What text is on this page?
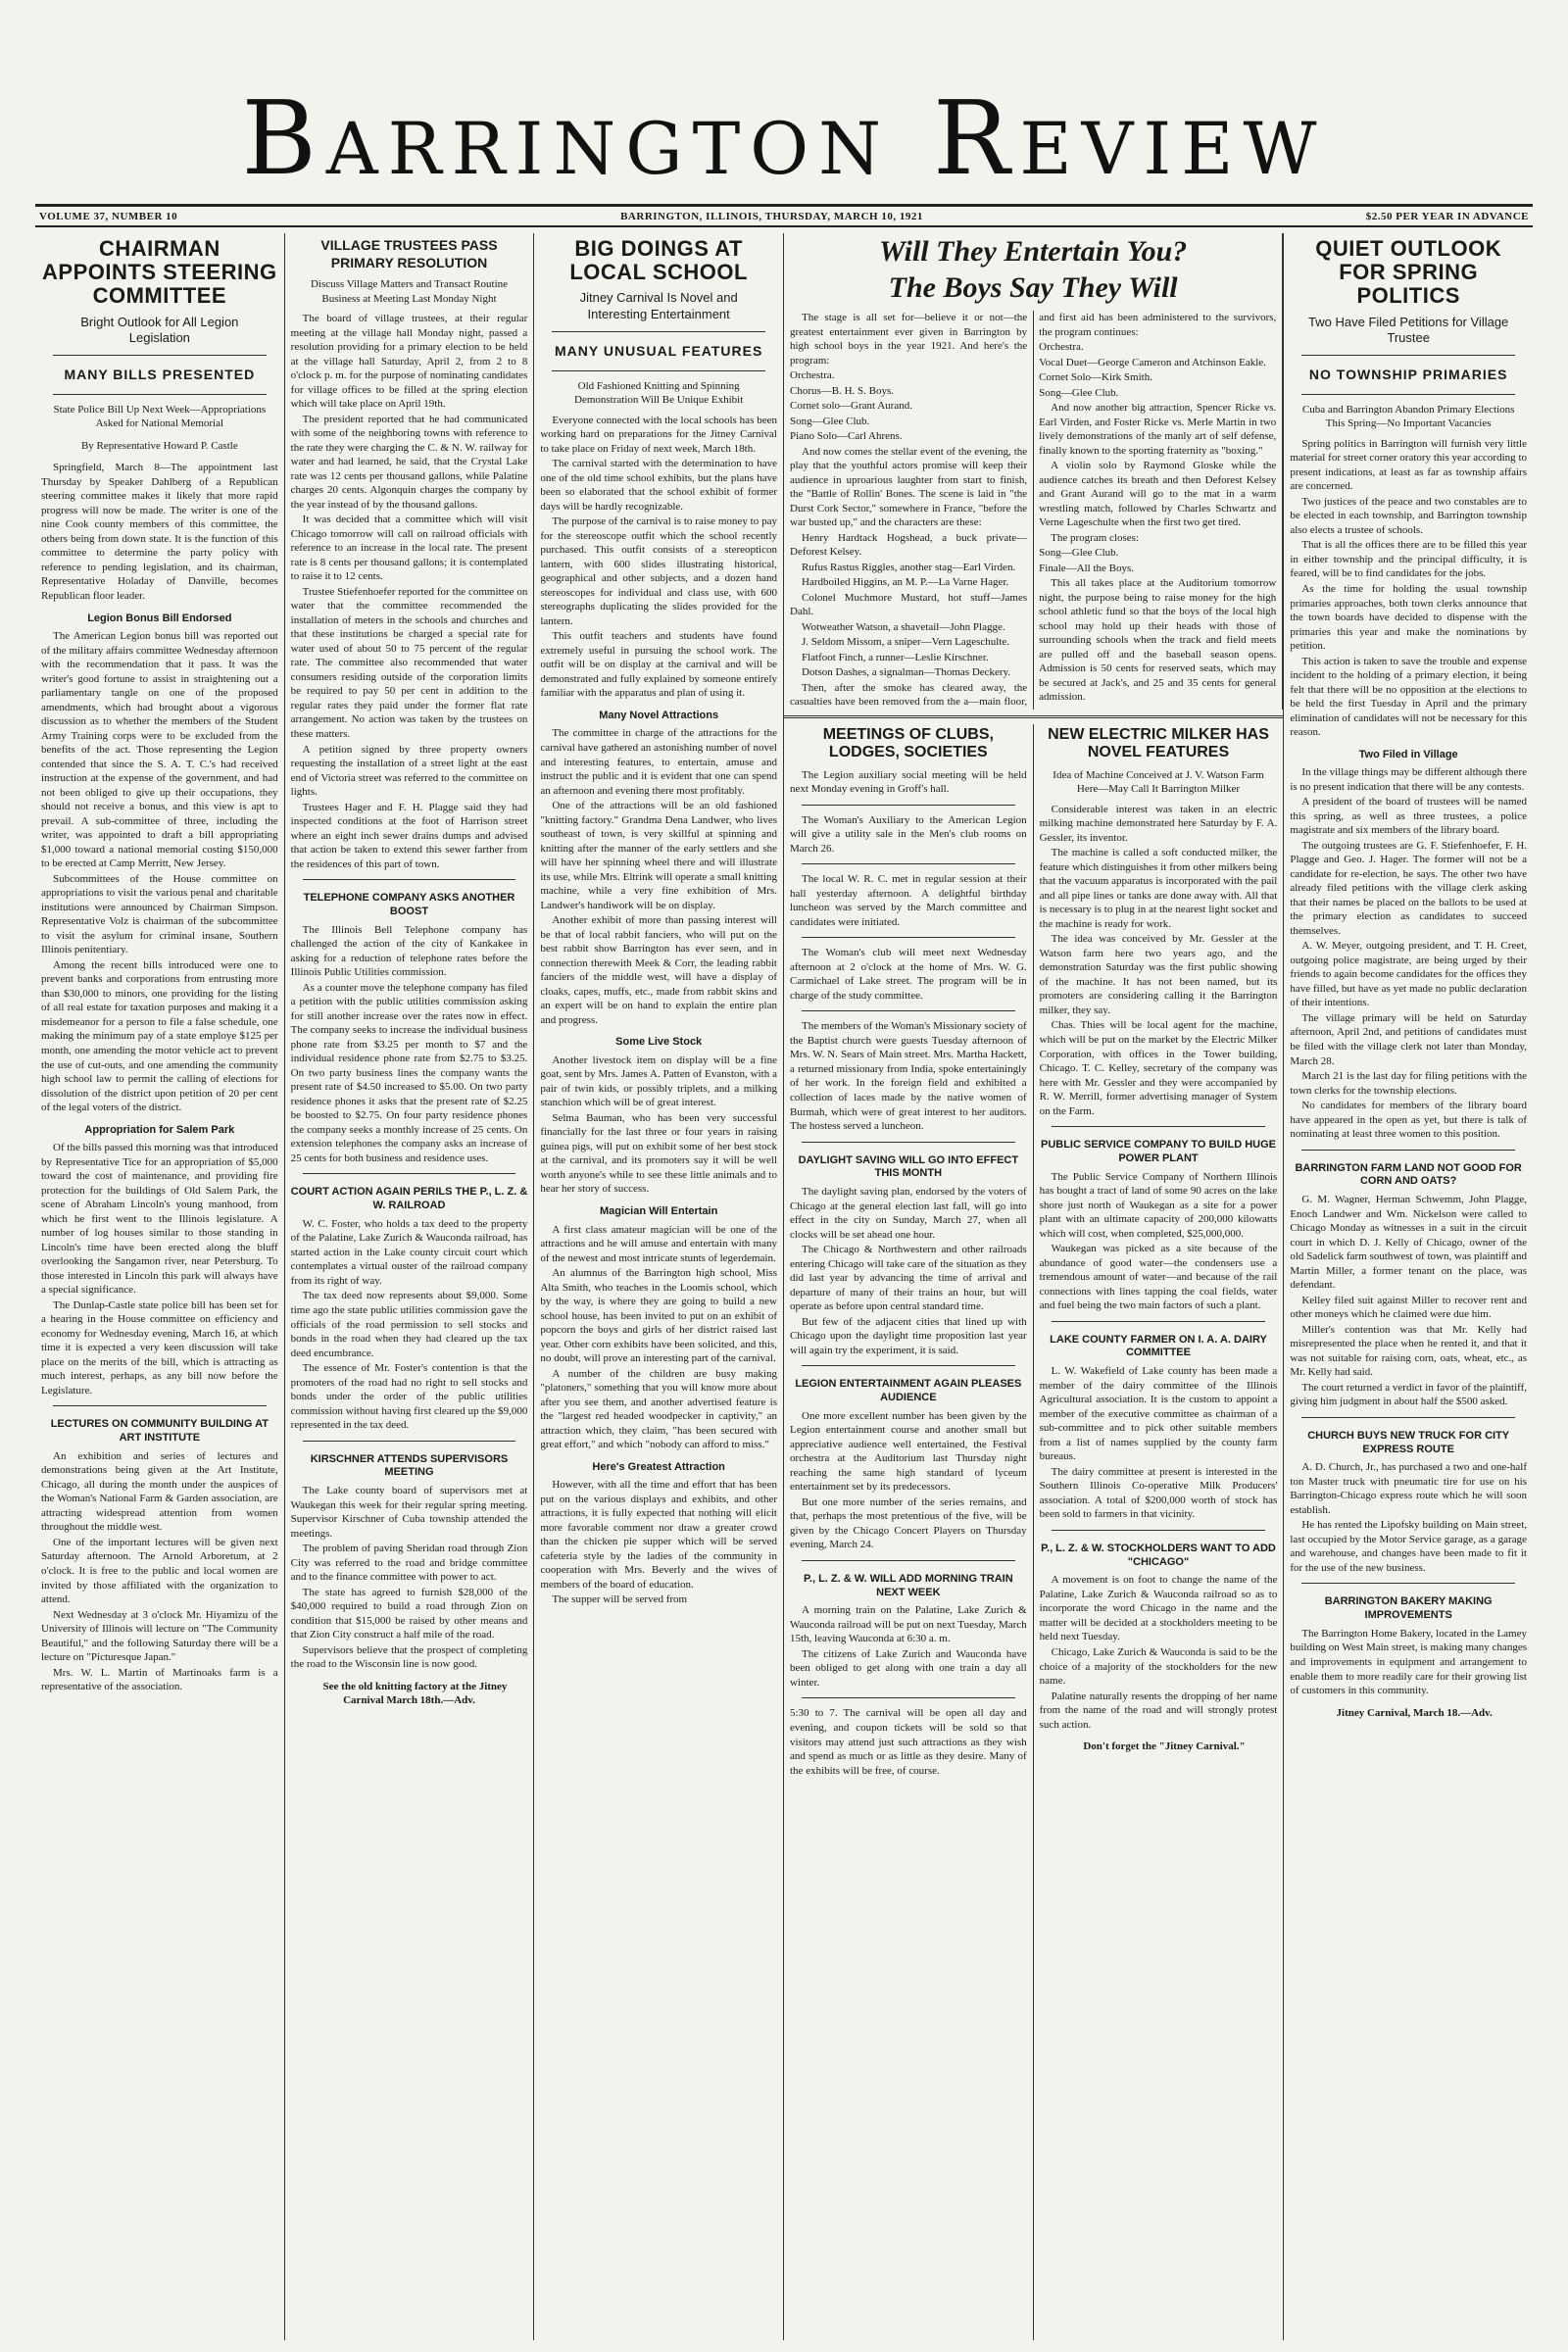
Barrington Review
VOLUME 37, NUMBER 10	BARRINGTON, ILLINOIS, THURSDAY, MARCH 10, 1921	$2.50 PER YEAR IN ADVANCE
CHAIRMAN APPOINTS STEERING COMMITTEE
Bright Outlook for All Legion Legislation
MANY BILLS PRESENTED
State Police Bill Up Next Week—Appropriations Asked for National Memorial
By Representative Howard P. Castle

Springfield, March 8—The appointment last Thursday by Speaker Dahlberg of a Republican steering committee makes it likely that more rapid progress will now be made. The writer is one of the nine Cook county members of this committee, the others being from down state. It is the function of this committee to determine the party policy with reference to pending legislation, and its chairman, Representative Holaday of Danville, becomes Republican floor leader.

Legion Bonus Bill Endorsed

The American Legion bonus bill was reported out of the military affairs committee Wednesday afternoon with the recommendation that it pass. It was the writer's good fortune to assist in straightening out a parliamentary tangle on one of the proposed amendments, which had brought about a vigorous discussion as to whether the members of the Student Army Training corps were to be excluded from the benefits of the act. Those representing the Legion contended that since the S. A. T. C.'s had received instruction at the expense of the government, and had not been obliged to give up their occupations, they should not receive a bonus, and this view is apt to prevail. A sub-committee of three, including the writer, was appointed to draft a bill appropriating $1,000 toward a national memorial costing $150,000 to be erected at Camp Merritt, New Jersey.

Subcommittees of the House committee on appropriations to visit the various penal and charitable institutions were announced by Chairman Simpson. Representative Volz is chairman of the subcommittee to visit the asylum for criminal insane, Southern Illinois penitentiary.

Among the recent bills introduced were one to prevent banks and corporations from entrusting more than $30,000 to minors, one providing for the listing of all real estate for taxation purposes and making it a misdemeanor for a person to file a false schedule, one making the minimum pay of a state employe $125 per month, one amending the motor vehicle act to prevent the use of cut-outs, and one amending the community high school law to permit the calling of elections for dissolution of the district upon petition of 20 per cent of the legal voters of the district.

Appropriation for Salem Park

Of the bills passed this morning was that introduced by Representative Tice for an appropriation of $5,000 toward the cost of maintenance, and providing fire protection for the buildings of Old Salem Park, the scene of Abraham Lincoln's young manhood, from which he first went to the Illinois legislature. A number of log houses similar to those standing in Lincoln's time have been erected along the bluff overlooking the Sangamon river, near Petersburg. To those interested in Lincoln this park will always have a special significance.

The Dunlap-Castle state police bill has been set for a hearing in the House committee on efficiency and economy for Wednesday evening, March 16, at which time it is expected a very keen discussion will take place on the merits of the bill, which is attracting as much interest, perhaps, as any bill now before the Legislature.

LECTURES ON COMMUNITY BUILDING AT ART INSTITUTE

An exhibition and series of lectures and demonstrations being given at the Art Institute, Chicago, all during the month under the auspices of the Woman's National Farm & Garden association, are attracting widespread attention from women throughout the middle west.

One of the important lectures will be given next Saturday afternoon. The Arnold Arboretum, at 2 o'clock. It is free to the public and local women are invited by those affiliated with the organization to attend.

Next Wednesday at 3 o'clock Mr. Hiyamizu of the University of Illinois will lecture on "The Community Beautiful," and the following Saturday there will be a lecture on "Picturesque Japan."

Mrs. W. L. Martin of Martinoaks farm is a representative of the association.

VILLAGE TRUSTEES PASS PRIMARY RESOLUTION
Discuss Village Matters and Transact Routine Business at Meeting Last Monday Night

The board of village trustees, at their regular meeting at the village hall Monday night, passed a resolution providing for a primary election to be held at the village hall Saturday, April 2, from 2 to 8 o'clock p. m. for the purpose of nominating candidates for village offices to be filled at the spring election which will take place on April 19th.

The president reported that he had communicated with some of the neighboring towns with reference to the rate they were charging the C. & N. W. railway for water and had learned, he said, that the Crystal Lake rate was 12 cents per thousand gallons, while Palatine charges 20 cents. Algonquin charges the company by the year instead of by the thousand gallons.

It was decided that a committee which will visit Chicago tomorrow will call on railroad officials with reference to an increase in the local rate. The present rate is 8 cents per thousand gallons; it is contemplated to raise it to 12 cents.

Trustee Stiefenhoefer reported for the committee on water that the committee recommended the installation of meters in the schools and churches and that these institutions be charged a special rate for water used of about 50 to 75 percent of the regular rate. The committee also recommended that water consumers residing outside of the corporation limits be required to pay 50 per cent in addition to the regular rates they paid under the former flat rate arrangement. No action was taken by the trustees on these matters.

A petition signed by three property owners requesting the installation of a street light at the east end of Victoria street was referred to the committee on lights.

Trustees Hager and F. H. Plagge said they had inspected conditions at the foot of Harrison street where an eight inch sewer drains dumps and advised that action be taken to extend this sewer farther from the residences of this part of town.

TELEPHONE COMPANY ASKS ANOTHER BOOST

The Illinois Bell Telephone company has challenged the action of the city of Kankakee in asking for a reduction of telephone rates before the Illinois Public Utilities commission.

As a counter move the telephone company has filed a petition with the public utilities commission asking for still another increase over the rates now in effect. The company seeks to increase the individual business phone rate from $3.25 per month to $7 and the individual residence phone rate from $2.75 to $3.25. On two party business lines the company wants the present rate of $4.50 increased to $5.00. On two party residence phones it asks that the present rate of $2.25 be boosted to $2.75. On four party residence phones the company seeks a monthly increase of 25 cents. On extension telephones the company asks an increase of 25 cents for both business and residence uses.

COURT ACTION AGAIN PERILS THE P., L. Z. & W. RAILROAD

W. C. Foster, who holds a tax deed to the property of the Palatine, Lake Zurich & Wauconda railroad, has started action in the Lake county circuit court which contemplates a virtual ouster of the railroad company from its right of way.

The tax deed now represents about $9,000. Some time ago the state public utilities commission gave the officials of the road permission to sell stocks and bonds in the road when they had cleared up the tax deed encumbrance.

The essence of Mr. Foster's contention is that the promoters of the road had no right to sell stocks and bonds under the order of the public utilities commission without having first cleared up the $9,000 represented in the tax deed.

KIRSCHNER ATTENDS SUPERVISORS MEETING

The Lake county board of supervisors met at Waukegan this week for their regular spring meeting. Supervisor Kirschner of Cuba township attended the meetings.

The problem of paving Sheridan road through Zion City was referred to the road and bridge committee and to the finance committee with power to act.

The state has agreed to furnish $28,000 of the $40,000 required to build a road through Zion on condition that $15,000 be raised by other means and that Zion City construct a half mile of the road.

Supervisors believe that the prospect of completing the road to the Wisconsin line is now good.

See the old knitting factory at the Jitney Carnival March 18th.—Adv.

BIG DOINGS AT LOCAL SCHOOL
Jitney Carnival Is Novel and Interesting Entertainment
MANY UNUSUAL FEATURES
Old Fashioned Knitting and Spinning Demonstration Will Be Unique Exhibit

Everyone connected with the local schools has been working hard on preparations for the Jitney Carnival to take place on Friday of next week, March 18th.

The carnival started with the determination to have one of the old time school exhibits, but the plans have been so elaborated that the school exhibit of former days will be hardly recognizable.

The purpose of the carnival is to raise money to pay for the stereoscope outfit which the school recently purchased. This outfit consists of a stereopticon lantern, with 600 slides illustrating historical, geographical and other subjects, and a dozen hand stereoscopes for individual and class use, with 600 stereographs duplicating the slides provided for the lantern.

This outfit teachers and students have found extremely useful in pursuing the school work. The outfit will be on display at the carnival and will be demonstrated and fully explained by someone entirely familiar with the apparatus and plan of using it.

Many Novel Attractions

The committee in charge of the attractions for the carnival have gathered an astonishing number of novel and interesting features, to entertain, amuse and instruct the public and it is evident that one can spend an afternoon and evening there most profitably.

One of the attractions will be an old fashioned "knitting factory." Grandma Dena Landwer, who lives southeast of town, is very skillful at spinning and knitting after the manner of the early settlers and she will have her spinning wheel there and will illustrate its use, while Mrs. Eltrink will operate a small knitting machine, while a very fine exhibition of Mrs. Landwer's handiwork will be on display.

Another exhibit of more than passing interest will be that of local rabbit fanciers, who will put on the best rabbit show Barrington has ever seen, and in connection therewith Meek & Corr, the leading rabbit fanciers of the middle west, will have a display of cloaks, capes, muffs, etc., made from rabbit skins and an expert will be on hand to explain the entire plan and progress.

Some Live Stock

Another livestock item on display will be a fine goat, sent by Mrs. James A. Patten of Evanston, with a pair of twin kids, or possibly triplets, and a milking stanchion which will be of great interest.

Selma Bauman, who has been very successful financially for the last three or four years in raising guinea pigs, will put on exhibit some of her best stock at the carnival, and its promoters say it will be well worth anyone's while to see these little animals and to hear her story of success.

Magician Will Entertain

A first class amateur magician will be one of the attractions and he will amuse and entertain with many of the newest and most intricate stunts of legerdemain.

An alumnus of the Barrington high school, Miss Alta Smith, who teaches in the Loomis school, which by the way, is where they are going to build a new school house, has been invited to put on an exhibit of popcorn the boys and girls of her district raised last year. Other corn exhibits have been solicited, and this, no doubt, will prove an interesting part of the carnival.

A number of the children are busy making "platoners," something that you will know more about after you see them, and another advertised feature is the "largest red headed woodpecker in captivity," an attraction which, they claim, "has been secured with great effort," and which "nobody can afford to miss."

Here's Greatest Attraction

However, with all the time and effort that has been put on the various displays and exhibits, and other attractions, it is fully expected that nothing will elicit more favorable comment nor draw a greater crowd than the chicken pie supper which will be served cafeteria style by the ladies of the community in cooperation with Mrs. Beverly and the wives of members of the board of education.

The supper will be served from

Will They Entertain You?
The Boys Say They Will

The stage is all set for—believe it or not—the greatest entertainment ever given in Barrington by high school boys in the year 1921. And here's the program:

Orchestra.

Chorus—B. H. S. Boys.

Cornet solo—Grant Aurand.

Song—Glee Club.

Piano Solo—Carl Ahrens.

And now comes the stellar event of the evening, the play that the youthful actors promise will keep their audience in uproarious laughter from start to finish, the "Battle of Rollin' Bones. The scene is laid in "the Durst Cork Sector," somewhere in France, "before the war busted up," and the characters are these:

Henry Hardtack Hogshead, a buck private—Deforest Kelsey.

Rufus Rastus Riggles, another stag—Earl Virden.

Hardboiled Higgins, an M. P.—La Varne Hager.

Colonel Muchmore Mustard, hot stuff—James Dahl.

Wotweather Watson, a shavetail—John Plagge.

J. Seldom Missom, a sniper—Vern Lageschulte.

Flatfoot Finch, a runner—Leslie Kirschner.

Dotson Dashes, a signalman—Thomas Deckery.

Then, after the smoke has cleared away, the casualties have been removed from the a—main floor, and first aid has been administered to the survivors, the program continues:

Orchestra.

Vocal Duet—George Cameron and Atchinson Eakle.

Cornet Solo—Kirk Smith.

Song—Glee Club.

And now another big attraction, Spencer Ricke vs. Earl Virden, and Foster Ricke vs. Merle Martin in two lively demonstrations of the manly art of self defense, finally known to the sporting fraternity as "boxing."

A violin solo by Raymond Gloske while the audience catches its breath and then Deforest Kelsey and Grant Aurand will go to the mat in a warm wrestling match, followed by Charles Schwartz and Verne Lageschulte when the first two get tired.

The program closes:

Song—Glee Club.

Finale—All the Boys.

This all takes place at the Auditorium tomorrow night, the purpose being to raise money for the high school athletic fund so that the boys of the local high school may hold up their heads with those of surrounding schools when the track and field meets are pulled off and the baseball season opens. Admission is 50 cents for reserved seats, which may be secured at Jack's, and 25 and 35 cents for general admission.

MEETINGS OF CLUBS, LODGES, SOCIETIES

The Legion auxiliary social meeting will be held next Monday evening in Groff's hall.

The Woman's Auxiliary to the American Legion will give a utility sale in the Men's club rooms on March 26.

The local W. R. C. met in regular session at their hall yesterday afternoon. A delightful birthday luncheon was served by the March committee and candidates were initiated.

The Woman's club will meet next Wednesday afternoon at 2 o'clock at the home of Mrs. W. G. Carmichael of Lake street. The program will be in charge of the study committee.

The members of the Woman's Missionary society of the Baptist church were guests Tuesday afternoon of Mrs. W. N. Sears of Main street. Mrs. Martha Hackett, a returned missionary from India, spoke entertainingly of her work. In the foreign field and exhibited a collection of laces made by the native women of Burmah, which were of great interest to her auditors. The hostess served a luncheon.

DAYLIGHT SAVING WILL GO INTO EFFECT THIS MONTH

The daylight saving plan, endorsed by the voters of Chicago at the general election last fall, will go into effect in the city on Sunday, March 27, when all clocks will be set ahead one hour.

The Chicago & Northwestern and other railroads entering Chicago will take care of the situation as they did last year by advancing the time of arrival and departure of many of their trains an hour, but will operate as before upon central standard time.

But few of the adjacent cities that lined up with Chicago upon the daylight time proposition last year will again try the experiment, it is said.

LEGION ENTERTAINMENT AGAIN PLEASES AUDIENCE

One more excellent number has been given by the Legion entertainment course and another small but appreciative audience well entertained, the Festival orchestra at the Auditorium last Thursday night reaching the same high standard of lyceum entertainment set by its predecessors.

But one more number of the series remains, and that, perhaps the most pretentious of the five, will be given by the Chicago Concert Players on Thursday evening, March 24.

P., L. Z. & W. WILL ADD MORNING TRAIN NEXT WEEK

A morning train on the Palatine, Lake Zurich & Wauconda railroad will be put on next Tuesday, March 15th, leaving Wauconda at 6:30 a. m.

The citizens of Lake Zurich and Wauconda have been obliged to get along with one train a day all winter.

5:30 to 7. The carnival will be open all day and evening, and coupon tickets will be sold so that visitors may attend just such attractions as they wish and spend as much or as little as they desire. Many of the exhibits will be free, of course.

NEW ELECTRIC MILKER HAS NOVEL FEATURES
Idea of Machine Conceived at J. V. Watson Farm Here—May Call It Barrington Milker

Considerable interest was taken in an electric milking machine demonstrated here Saturday by F. A. Gessler, its inventor.

The machine is called a soft conducted milker, the feature which distinguishes it from other milkers being that the vacuum apparatus is incorporated with the pail and all pipe lines or tanks are done away with. All that is necessary is to plug in at the nearest light socket and the machine is ready for work.

The idea was conceived by Mr. Gessler at the Watson farm here two years ago, and the demonstration Saturday was the first public showing of the machine. It has not been named, but its promoters are considering calling it the Barrington milker, they say.

Chas. Thies will be local agent for the machine, which will be put on the market by the Electric Milker Corporation, with offices in the Tower building, Chicago. T. C. Kelley, secretary of the company was here with Mr. Gessler and they were accompanied by R. W. Merrill, former advertising manager of System on the Farm.

PUBLIC SERVICE COMPANY TO BUILD HUGE POWER PLANT

The Public Service Company of Northern Illinois has bought a tract of land of some 90 acres on the lake shore just north of Waukegan as a site for a power plant with an ultimate capacity of 200,000 kilowatts which will cost, when completed, $25,000,000.

Waukegan was picked as a site because of the abundance of good water—the condensers use a tremendous amount of water—and because of the rail connections with lines tapping the coal fields, water and fuel being the two main factors of such a plant.

LAKE COUNTY FARMER ON I. A. A. DAIRY COMMITTEE

L. W. Wakefield of Lake county has been made a member of the dairy committee of the Illinois Agricultural association. It is the custom to appoint a member of the executive committee as chairman of a sub-committee and to pick other suitable members from a list of names supplied by the county farm bureaus.

The dairy committee at present is interested in the Southern Illinois Co-operative Milk Producers' association. A total of $200,000 worth of stock has been sold to farmers in that vicinity.

P., L. Z. & W. STOCKHOLDERS WANT TO ADD "CHICAGO"

A movement is on foot to change the name of the Palatine, Lake Zurich & Wauconda railroad so as to incorporate the word Chicago in the name and the matter will be decided at a stockholders meeting to be held next Tuesday.

Chicago, Lake Zurich & Wauconda is said to be the choice of a majority of the stockholders for the new name.

Palatine naturally resents the dropping of her name from the name of the road and will strongly protest such action.

Don't forget the "Jitney Carnival."

QUIET OUTLOOK FOR SPRING POLITICS
Two Have Filed Petitions for Village Trustee
NO TOWNSHIP PRIMARIES
Cuba and Barrington Abandon Primary Elections This Spring—No Important Vacancies

Spring politics in Barrington will furnish very little material for street corner oratory this year according to present indications, at least as far as township affairs are concerned.

Two justices of the peace and two constables are to be elected in each township, and Barrington township also elects a trustee of schools.

That is all the offices there are to be filled this year in either township and the principal difficulty, it is feared, will be to find candidates for the jobs.

As the time for holding the usual township primaries approaches, both town clerks announce that the town boards have decided to dispense with the primaries this year and make the nominations by petition.

This action is taken to save the trouble and expense incident to the holding of a primary election, it being felt that there will be no opposition at the elections to be held the first Tuesday in April and the primary elimination of candidates will not be necessary for this reason.

Two Filed in Village

In the village things may be different although there is no present indication that there will be any contests.

A president of the board of trustees will be named this spring, as well as three trustees, a police magistrate and six members of the library board.

The outgoing trustees are G. F. Stiefenhoefer, F. H. Plagge and Geo. J. Hager. The former will not be a candidate for re-election, he says. The other two have already filed petitions with the village clerk asking that their names be placed on the ballots to be used at the primary election as candidates to succeed themselves.

A. W. Meyer, outgoing president, and T. H. Creet, outgoing police magistrate, are being urged by their friends to again become candidates for the offices they have filled, but have as yet made no public declaration of their intentions.

The village primary will be held on Saturday afternoon, April 2nd, and petitions of candidates must be filed with the village clerk not later than Monday, March 28.

March 21 is the last day for filing petitions with the town clerks for the township elections.

No candidates for members of the library board have appeared in the open as yet, but there is talk of nominating at least three women to this position.

BARRINGTON FARM LAND NOT GOOD FOR CORN AND OATS?

G. M. Wagner, Herman Schwemm, John Plagge, Enoch Landwer and Wm. Nickelson were called to Chicago Monday as witnesses in a suit in the circuit court in which D. J. Kelly of Chicago, owner of the old Sadelick farm southwest of town, was plaintiff and Martin Miller, a former tenant on the place, was defendant.

Kelley filed suit against Miller to recover rent and other moneys which he claimed were due him.

Miller's contention was that Mr. Kelly had misrepresented the place when he rented it, and that it was not suitable for raising corn, oats, wheat, etc., as Mr. Kelly had said.

The court returned a verdict in favor of the plaintiff, giving him judgment in about half the $500 asked.

CHURCH BUYS NEW TRUCK FOR CITY EXPRESS ROUTE

A. D. Church, Jr., has purchased a two and one-half ton Master truck with pneumatic tire for use on his Barrington-Chicago express route which he will soon establish.

He has rented the Lipofsky building on Main street, last occupied by the Motor Service garage, as a garage and warehouse, and changes have been made to fit it for the use of the new business.

BARRINGTON BAKERY MAKING IMPROVEMENTS

The Barrington Home Bakery, located in the Lamey building on West Main street, is making many changes and improvements in equipment and arrangement to enable them to more readily care for their growing list of customers in this community.

Jitney Carnival, March 18.—Adv.
